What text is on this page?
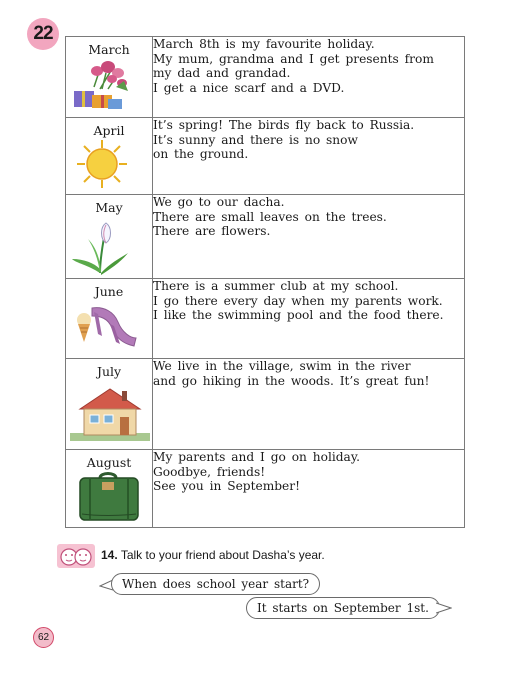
22
March	March 8th is my favourite holiday.
My mum, grandma and I get presents from
my dad and grandad.
I get a nice scarf and a DVD.

April	It’s spring! The birds fly back to Russia.
It’s sunny and there is no snow
on the ground.

May	We go to our dacha.
There are small leaves on the trees.
There are flowers.

June	There is a summer club at my school.
I go there every day when my parents work.
I like the swimming pool and the food there.

July	We live in the village, swim in the river
and go hiking in the woods. It’s great fun!

August	My parents and I go on holiday.
Goodbye, friends!
See you in September!
14. Talk to your friend about Dasha’s year.
When does school year start?
It starts on September 1st.
62
